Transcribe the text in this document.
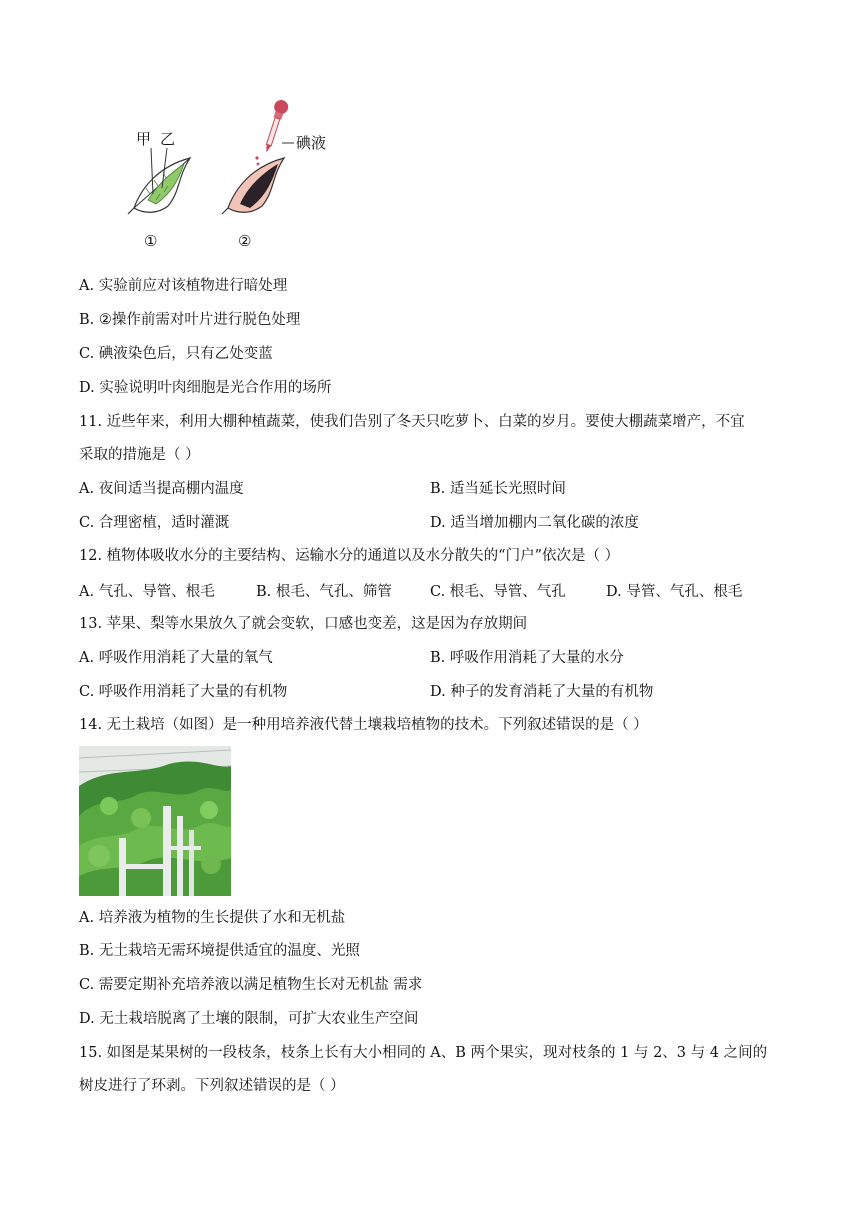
甲 乙
①
碘液
②
A. 实验前应对该植物进行暗处理
B. ②操作前需对叶片进行脱色处理
C. 碘液染色后，只有乙处变蓝
D. 实验说明叶肉细胞是光合作用的场所
11. 近些年来，利用大棚种植蔬菜，使我们告别了冬天只吃萝卜、白菜的岁月。要使大棚蔬菜增产，不宜
采取的措施是（ ）
A. 夜间适当提高棚内温度	B. 适当延长光照时间
C. 合理密植，适时灌溉	D. 适当增加棚内二氧化碳的浓度
12. 植物体吸收水分的主要结构、运输水分的通道以及水分散失的“门户”依次是（ ）
A. 气孔、导管、根毛	B. 根毛、气孔、筛管	C. 根毛、导管、气孔	D. 导管、气孔、根毛
13. 苹果、梨等水果放久了就会变软，口感也变差，这是因为存放期间
A. 呼吸作用消耗了大量的氧气	B. 呼吸作用消耗了大量的水分
C. 呼吸作用消耗了大量的有机物	D. 种子的发育消耗了大量的有机物
14. 无土栽培（如图）是一种用培养液代替土壤栽培植物的技术。下列叙述错误的是（ ）
A. 培养液为植物的生长提供了水和无机盐
B. 无土栽培无需环境提供适宜的温度、光照
C. 需要定期补充培养液以满足植物生长对无机盐 需求
D. 无土栽培脱离了土壤的限制，可扩大农业生产空间
15. 如图是某果树的一段枝条，枝条上长有大小相同的 A、B 两个果实，现对枝条的 1 与 2、3 与 4 之间的
树皮进行了环剥。下列叙述错误的是（ ）
